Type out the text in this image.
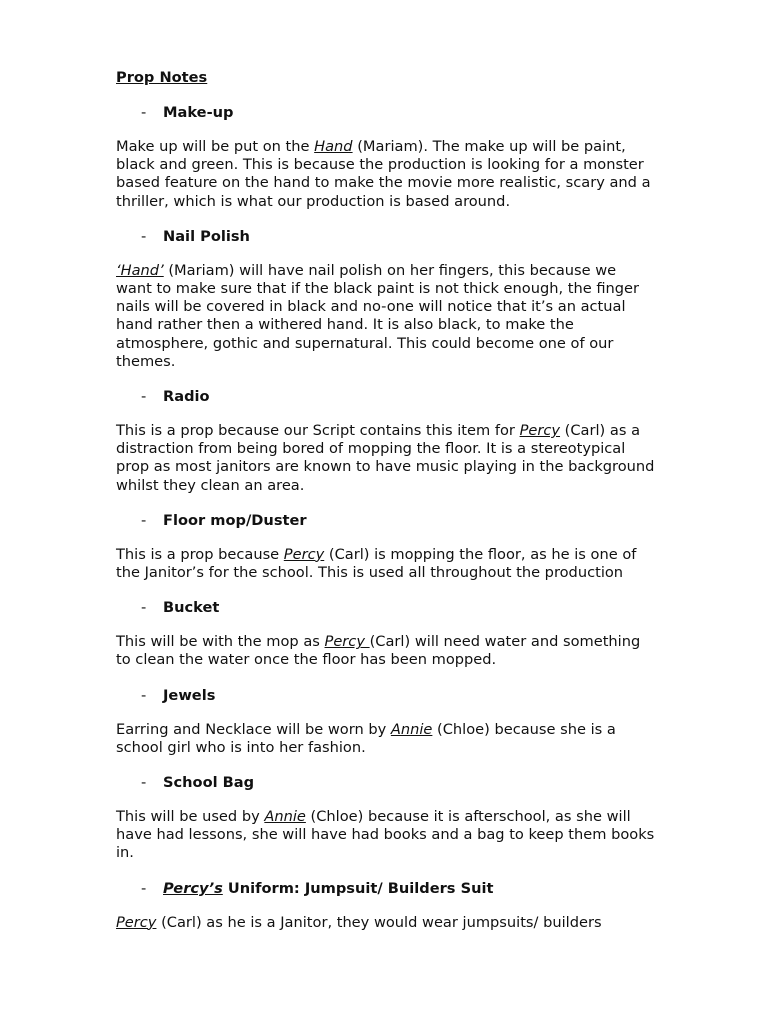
Prop Notes

- Make-up

Make up will be put on the Hand (Mariam). The make up will be paint, black and green. This is because the production is looking for a monster based feature on the hand to make the movie more realistic, scary and a thriller, which is what our production is based around.

- Nail Polish

‘Hand’ (Mariam) will have nail polish on her fingers, this because we want to make sure that if the black paint is not thick enough, the finger nails will be covered in black and no-one will notice that it’s an actual hand rather then a withered hand. It is also black, to make the atmosphere, gothic and supernatural. This could become one of our themes.

- Radio

This is a prop because our Script contains this item for Percy (Carl) as a distraction from being bored of mopping the floor. It is a stereotypical prop as most janitors are known to have music playing in the background whilst they clean an area.

- Floor mop/Duster

This is a prop because Percy (Carl) is mopping the floor, as he is one of the Janitor’s for the school. This is used all throughout the production

- Bucket

This will be with the mop as Percy (Carl) will need water and something to clean the water once the floor has been mopped.

- Jewels

Earring and Necklace will be worn by Annie (Chloe) because she is a school girl who is into her fashion.

- School Bag

This will be used by Annie (Chloe) because it is afterschool, as she will have had lessons, she will have had books and a bag to keep them books in.

- Percy’s Uniform: Jumpsuit/ Builders Suit

Percy (Carl) as he is a Janitor, they would wear jumpsuits/ builders
